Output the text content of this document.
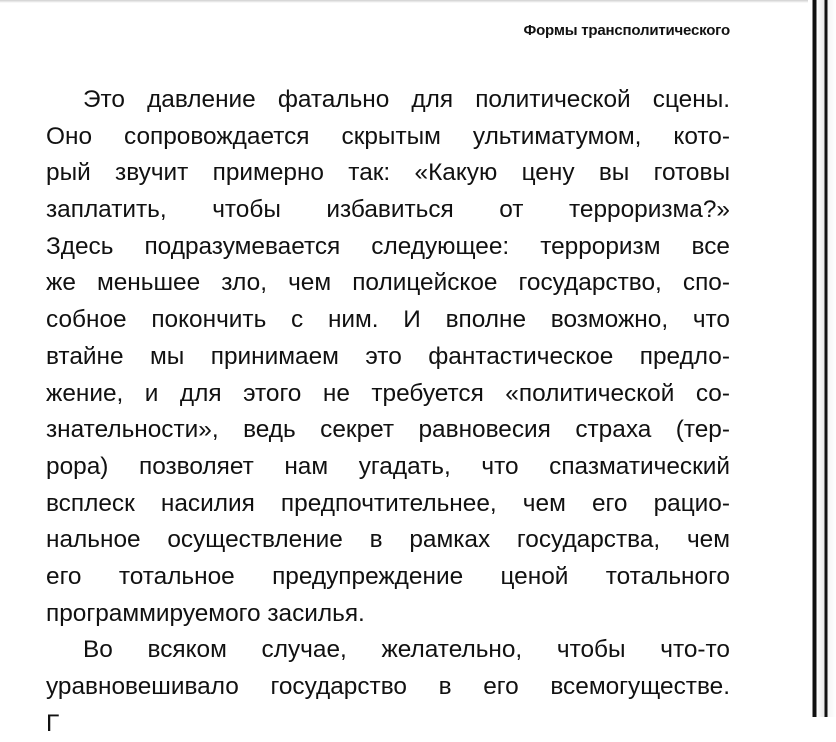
Формы транcполитического
Это давление фатально для политической сцены.
Оно сопровождается скрытым ультиматумом, кото-
рый звучит примерно так: «Какую цену вы готовы
заплатить, чтобы избавиться от терроризма?»
Здесь подразумевается следующее: терроризм все
же меньшее зло, чем полицейское государство, спо-
собное покончить с ним. И вполне возможно, что
втайне мы принимаем это фантастическое предло-
жение, и для этого не требуется «политической со-
знательности», ведь секрет равновесия страха (тер-
рора) позволяет нам угадать, что спазматический
всплеск насилия предпочтительнее, чем его рацио-
нальное осуществление в рамках государства, чем
его тотальное предупреждение ценой тотального
программируемого засилья.
Во всяком случае, желательно, чтобы что-то
уравновешивало государство в его всемогуществе.
Г
